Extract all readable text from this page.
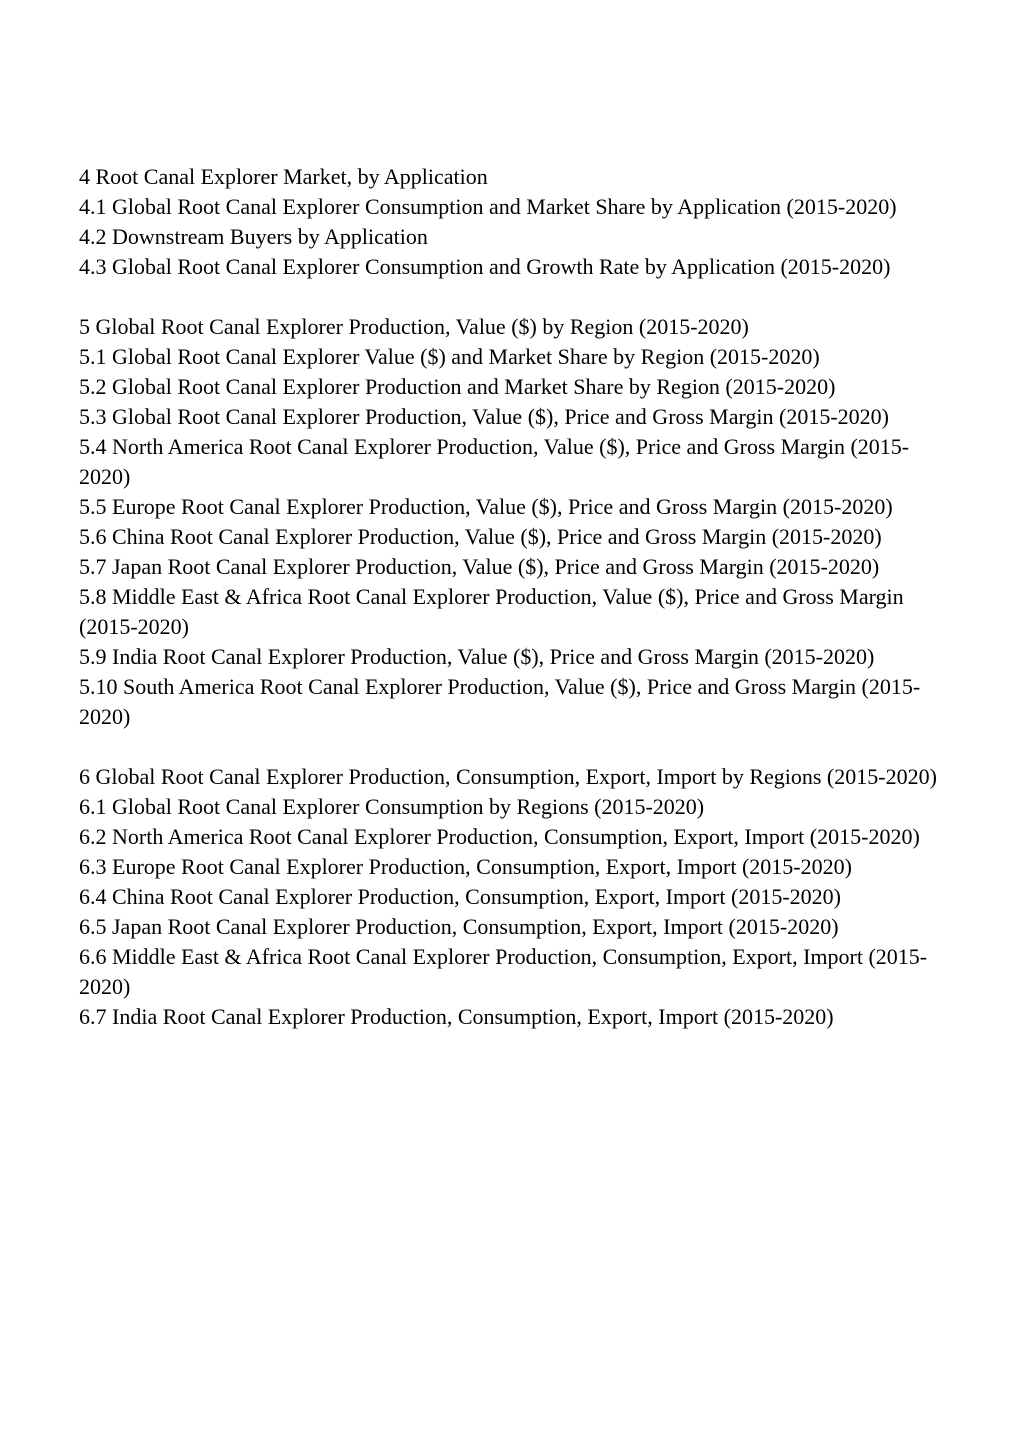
4 Root Canal Explorer Market, by Application
4.1 Global Root Canal Explorer Consumption and Market Share by Application (2015-2020)
4.2 Downstream Buyers by Application
4.3 Global Root Canal Explorer Consumption and Growth Rate by Application (2015-2020)
5 Global Root Canal Explorer Production, Value ($) by Region (2015-2020)
5.1 Global Root Canal Explorer Value ($) and Market Share by Region (2015-2020)
5.2 Global Root Canal Explorer Production and Market Share by Region (2015-2020)
5.3 Global Root Canal Explorer Production, Value ($), Price and Gross Margin (2015-2020)
5.4 North America Root Canal Explorer Production, Value ($), Price and Gross Margin (2015-2020)
5.5 Europe Root Canal Explorer Production, Value ($), Price and Gross Margin (2015-2020)
5.6 China Root Canal Explorer Production, Value ($), Price and Gross Margin (2015-2020)
5.7 Japan Root Canal Explorer Production, Value ($), Price and Gross Margin (2015-2020)
5.8 Middle East & Africa Root Canal Explorer Production, Value ($), Price and Gross Margin (2015-2020)
5.9 India Root Canal Explorer Production, Value ($), Price and Gross Margin (2015-2020)
5.10 South America Root Canal Explorer Production, Value ($), Price and Gross Margin (2015-2020)
6 Global Root Canal Explorer Production, Consumption, Export, Import by Regions (2015-2020)
6.1 Global Root Canal Explorer Consumption by Regions (2015-2020)
6.2 North America Root Canal Explorer Production, Consumption, Export, Import (2015-2020)
6.3 Europe Root Canal Explorer Production, Consumption, Export, Import (2015-2020)
6.4 China Root Canal Explorer Production, Consumption, Export, Import (2015-2020)
6.5 Japan Root Canal Explorer Production, Consumption, Export, Import (2015-2020)
6.6 Middle East & Africa Root Canal Explorer Production, Consumption, Export, Import (2015-2020)
6.7 India Root Canal Explorer Production, Consumption, Export, Import (2015-2020)
